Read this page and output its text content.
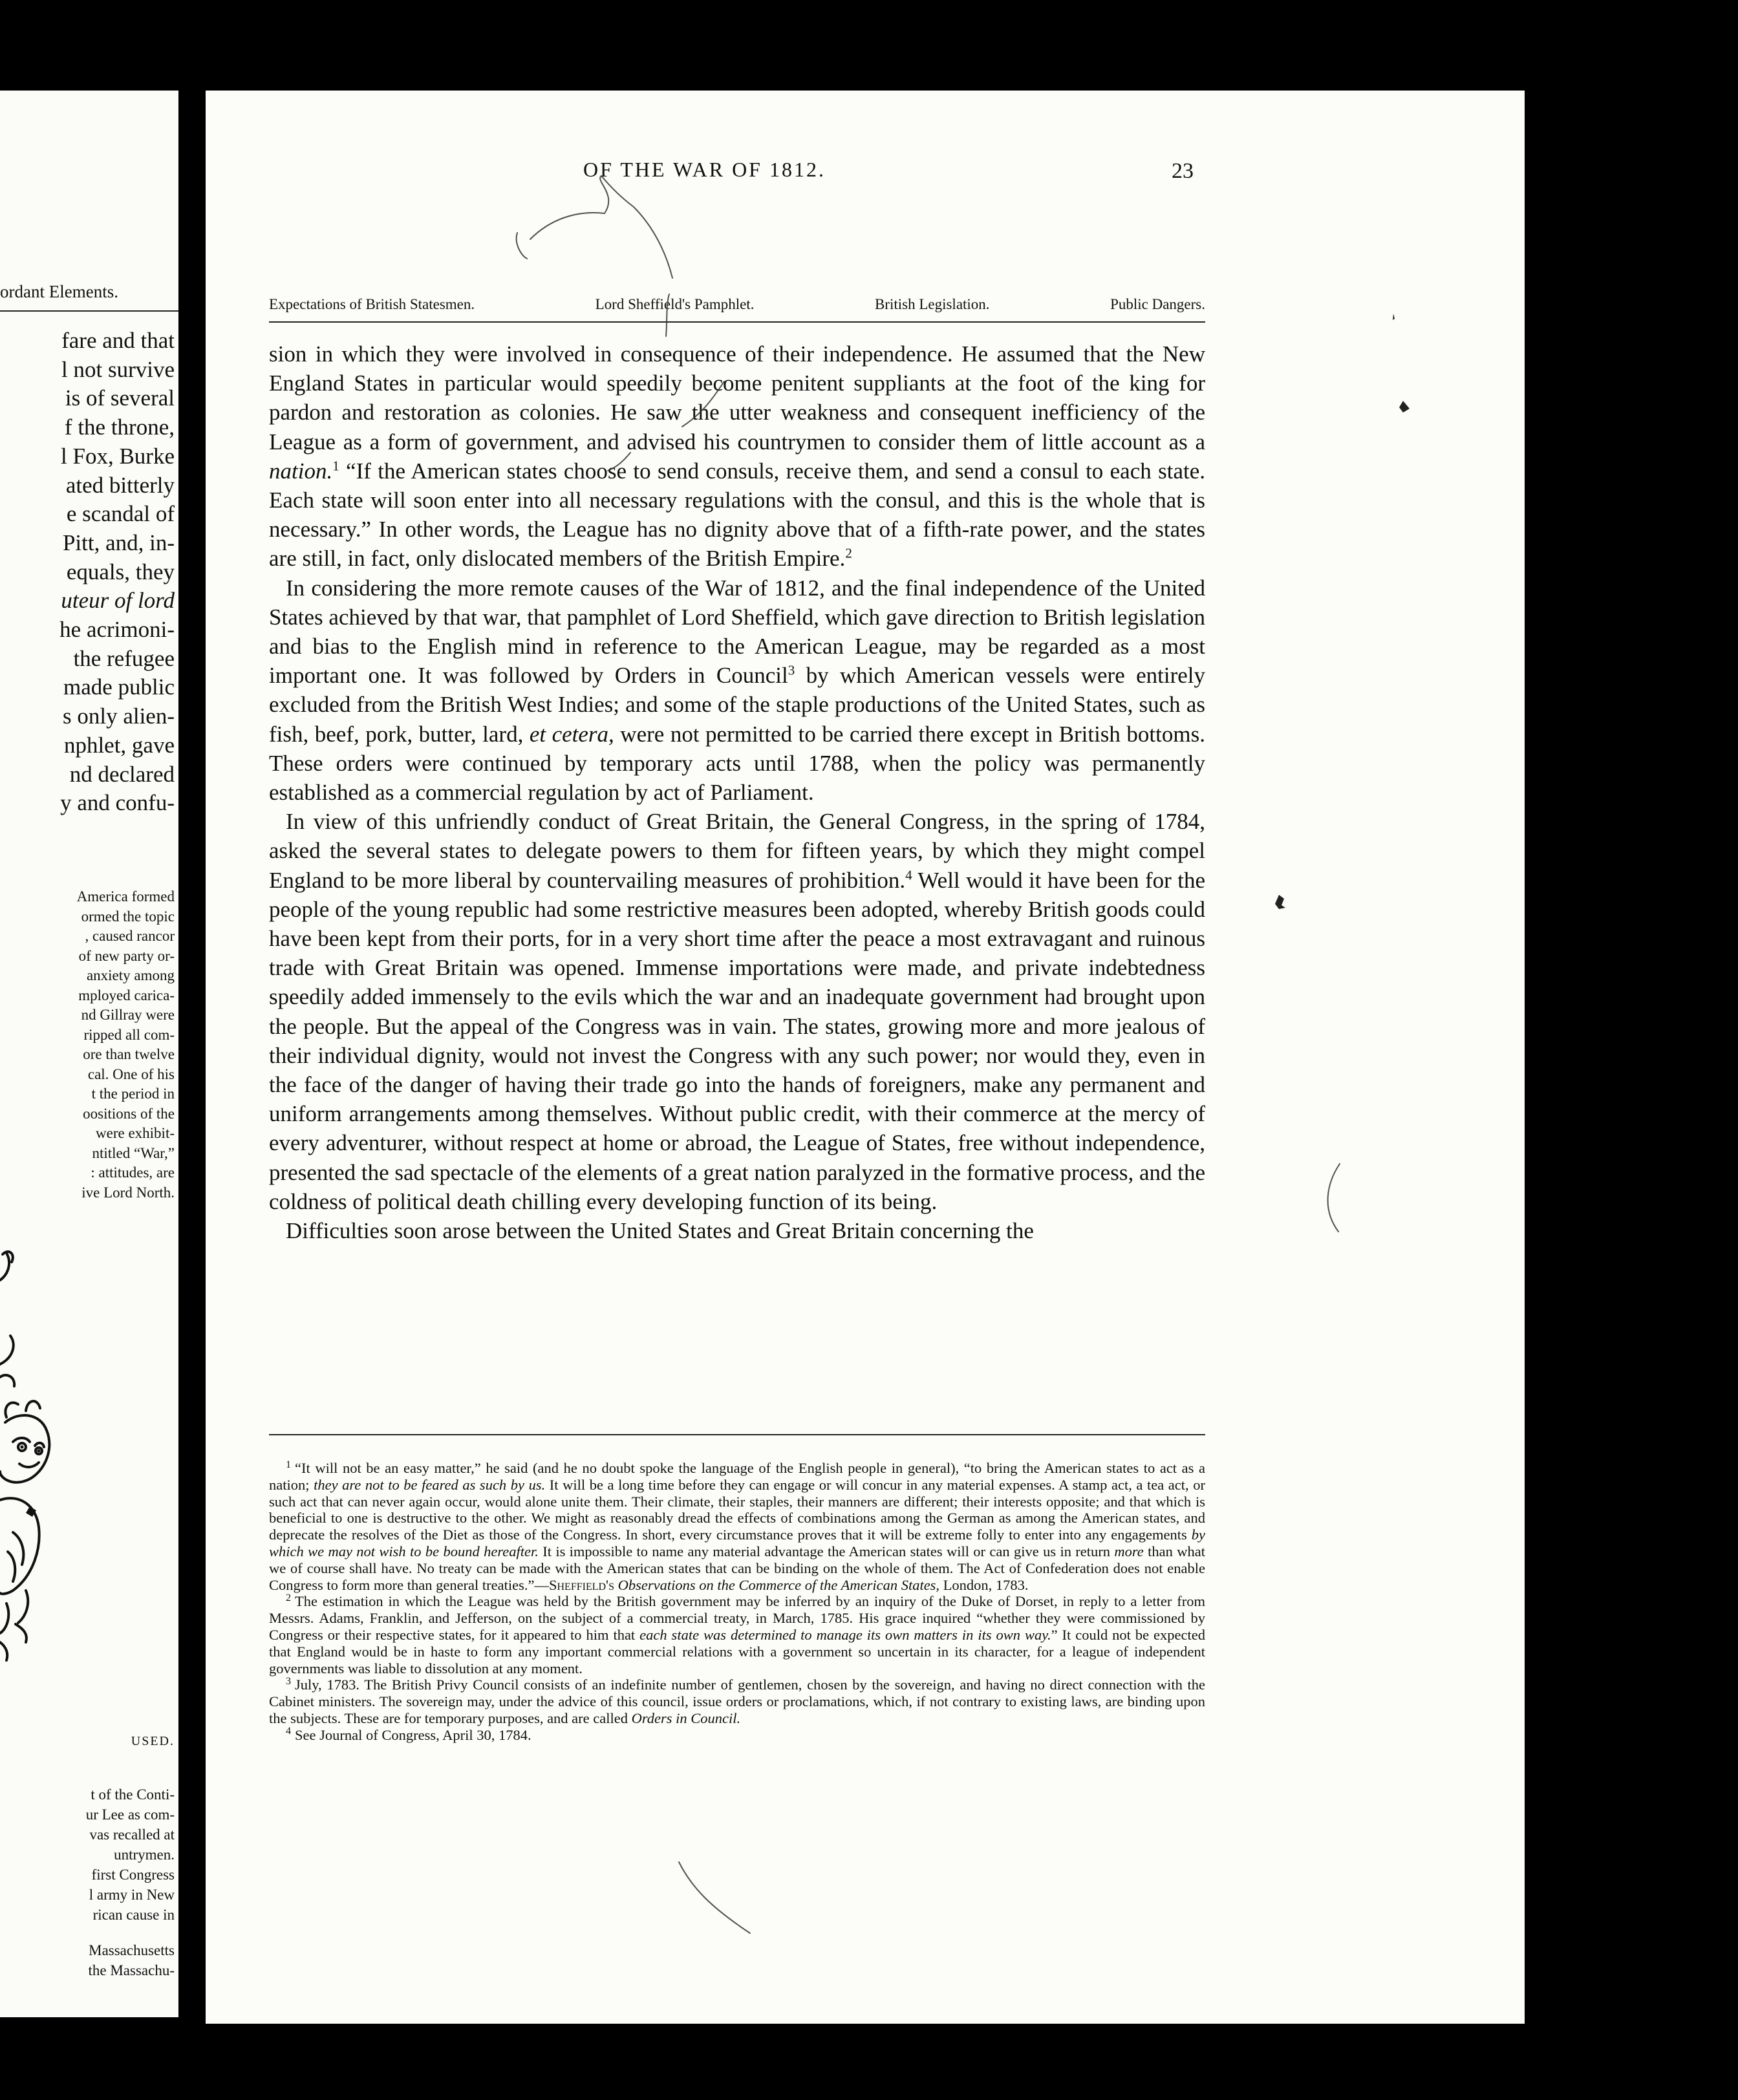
ordant Elements.
fare and that
l not survive
is of several
f the throne,
l Fox, Burke
ated bitterly
e scandal of
Pitt, and, in-
equals, they
uteur of lord
he acrimoni-
the refugee
made public
s only alien-
nphlet, gave
nd declared
y and confu-
America formed
ormed the topic
, caused rancor
of new party or-
anxiety among
mployed carica-
nd Gillray were
ripped all com-
ore than twelve
cal. One of his
t the period in
oositions of the
were exhibit-
ntitled “War,”
: attitudes, are
ive Lord North.
USED.
t of the Conti-
ur Lee as com-
vas recalled at
untrymen.
first Congress
l army in New
rican cause in
Massachusetts
the Massachu-
OF THE WAR OF 1812.	23
Expectations of British Statesmen.	Lord Sheffield's Pamphlet.	British Legislation.	Public Dangers.

sion in which they were involved in consequence of their independence. He assumed that the New England States in particular would speedily become penitent suppliants at the foot of the king for pardon and restoration as colonies. He saw the utter weakness and consequent inefficiency of the League as a form of government, and advised his countrymen to consider them of little account as a nation.$^1$ “If the American states choose to send consuls, receive them, and send a consul to each state. Each state will soon enter into all necessary regulations with the consul, and this is the whole that is necessary.” In other words, the League has no dignity above that of a fifth-rate power, and the states are still, in fact, only dislocated members of the British Empire.$^2$

In considering the more remote causes of the War of 1812, and the final independence of the United States achieved by that war, that pamphlet of Lord Sheffield, which gave direction to British legislation and bias to the English mind in reference to the American League, may be regarded as a most important one. It was followed by Orders in Council$^3$ by which American vessels were entirely excluded from the British West Indies; and some of the staple productions of the United States, such as fish, beef, pork, butter, lard, et cetera, were not permitted to be carried there except in British bottoms. These orders were continued by temporary acts until 1788, when the policy was permanently established as a commercial regulation by act of Parliament.

In view of this unfriendly conduct of Great Britain, the General Congress, in the spring of 1784, asked the several states to delegate powers to them for fifteen years, by which they might compel England to be more liberal by countervailing measures of prohibition.$^4$ Well would it have been for the people of the young republic had some restrictive measures been adopted, whereby British goods could have been kept from their ports, for in a very short time after the peace a most extravagant and ruinous trade with Great Britain was opened. Immense importations were made, and private indebtedness speedily added immensely to the evils which the war and an inadequate government had brought upon the people. But the appeal of the Congress was in vain. The states, growing more and more jealous of their individual dignity, would not invest the Congress with any such power; nor would they, even in the face of the danger of having their trade go into the hands of foreigners, make any permanent and uniform arrangements among themselves. Without public credit, with their commerce at the mercy of every adventurer, without respect at home or abroad, the League of States, free without independence, presented the sad spectacle of the elements of a great nation paralyzed in the formative process, and the coldness of political death chilling every developing function of its being.

Difficulties soon arose between the United States and Great Britain concerning the

$^1$ “It will not be an easy matter,” he said (and he no doubt spoke the language of the English people in general), “to bring the American states to act as a nation; they are not to be feared as such by us. It will be a long time before they can engage or will concur in any material expenses. A stamp act, a tea act, or such act that can never again occur, would alone unite them. Their climate, their staples, their manners are different; their interests opposite; and that which is beneficial to one is destructive to the other. We might as reasonably dread the effects of combinations among the German as among the American states, and deprecate the resolves of the Diet as those of the Congress. In short, every circumstance proves that it will be extreme folly to enter into any engagements by which we may not wish to be bound hereafter. It is impossible to name any material advantage the American states will or can give us in return more than what we of course shall have. No treaty can be made with the American states that can be binding on the whole of them. The Act of Confederation does not enable Congress to form more than general treaties.”—Sheffield's Observations on the Commerce of the American States, London, 1783.

$^2$ The estimation in which the League was held by the British government may be inferred by an inquiry of the Duke of Dorset, in reply to a letter from Messrs. Adams, Franklin, and Jefferson, on the subject of a commercial treaty, in March, 1785. His grace inquired “whether they were commissioned by Congress or their respective states, for it appeared to him that each state was determined to manage its own matters in its own way.” It could not be expected that England would be in haste to form any important commercial relations with a government so uncertain in its character, for a league of independent governments was liable to dissolution at any moment.

$^3$ July, 1783. The British Privy Council consists of an indefinite number of gentlemen, chosen by the sovereign, and having no direct connection with the Cabinet ministers. The sovereign may, under the advice of this council, issue orders or proclamations, which, if not contrary to existing laws, are binding upon the subjects. These are for temporary purposes, and are called Orders in Council.

$^4$ See Journal of Congress, April 30, 1784.
